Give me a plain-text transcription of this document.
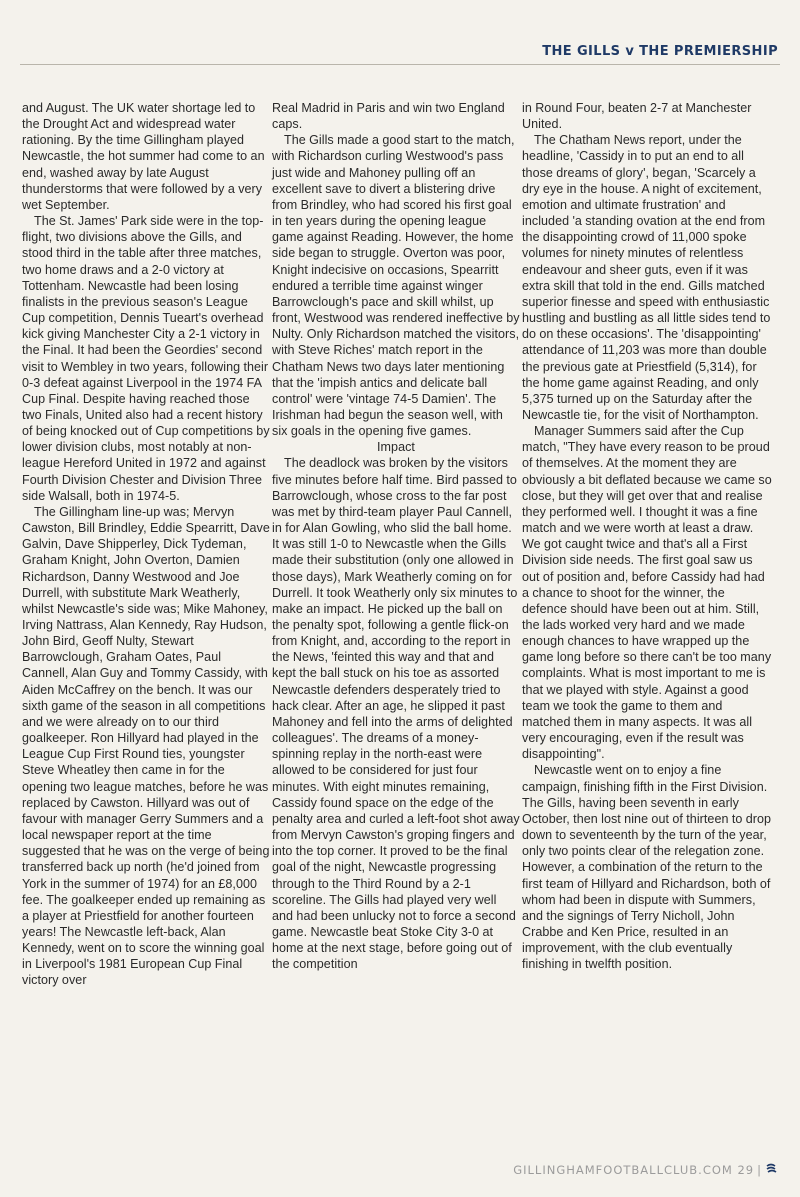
THE GILLS v THE PREMIERSHIP

and August. The UK water shortage led to the Drought Act and widespread water rationing. By the time Gillingham played Newcastle, the hot summer had come to an end, washed away by late August thunderstorms that were followed by a very wet September.

The St. James' Park side were in the top-flight, two divisions above the Gills, and stood third in the table after three matches, two home draws and a 2-0 victory at Tottenham. Newcastle had been losing finalists in the previous season's League Cup competition, Dennis Tueart's overhead kick giving Manchester City a 2-1 victory in the Final. It had been the Geordies' second visit to Wembley in two years, following their 0-3 defeat against Liverpool in the 1974 FA Cup Final. Despite having reached those two Finals, United also had a recent history of being knocked out of Cup competitions by lower division clubs, most notably at non-league Hereford United in 1972 and against Fourth Division Chester and Division Three side Walsall, both in 1974-5.

The Gillingham line-up was; Mervyn Cawston, Bill Brindley, Eddie Spearritt, Dave Galvin, Dave Shipperley, Dick Tydeman, Graham Knight, John Overton, Damien Richardson, Danny Westwood and Joe Durrell, with substitute Mark Weatherly, whilst Newcastle's side was; Mike Mahoney, Irving Nattrass, Alan Kennedy, Ray Hudson, John Bird, Geoff Nulty, Stewart Barrowclough, Graham Oates, Paul Cannell, Alan Guy and Tommy Cassidy, with Aiden McCaffrey on the bench. It was our sixth game of the season in all competitions and we were already on to our third goalkeeper. Ron Hillyard had played in the League Cup First Round ties, youngster Steve Wheatley then came in for the opening two league matches, before he was replaced by Cawston. Hillyard was out of favour with manager Gerry Summers and a local newspaper report at the time suggested that he was on the verge of being transferred back up north (he'd joined from York in the summer of 1974) for an £8,000 fee. The goalkeeper ended up remaining as a player at Priestfield for another fourteen years! The Newcastle left-back, Alan Kennedy, went on to score the winning goal in Liverpool's 1981 European Cup Final victory over

Real Madrid in Paris and win two England caps.

The Gills made a good start to the match, with Richardson curling Westwood's pass just wide and Mahoney pulling off an excellent save to divert a blistering drive from Brindley, who had scored his first goal in ten years during the opening league game against Reading. However, the home side began to struggle. Overton was poor, Knight indecisive on occasions, Spearritt endured a terrible time against winger Barrowclough's pace and skill whilst, up front, Westwood was rendered ineffective by Nulty. Only Richardson matched the visitors, with Steve Riches' match report in the Chatham News two days later mentioning that the 'impish antics and delicate ball control' were 'vintage 74-5 Damien'. The Irishman had begun the season well, with six goals in the opening five games.

Impact

The deadlock was broken by the visitors five minutes before half time. Bird passed to Barrowclough, whose cross to the far post was met by third-team player Paul Cannell, in for Alan Gowling, who slid the ball home. It was still 1-0 to Newcastle when the Gills made their substitution (only one allowed in those days), Mark Weatherly coming on for Durrell. It took Weatherly only six minutes to make an impact. He picked up the ball on the penalty spot, following a gentle flick-on from Knight, and, according to the report in the News, 'feinted this way and that and kept the ball stuck on his toe as assorted Newcastle defenders desperately tried to hack clear. After an age, he slipped it past Mahoney and fell into the arms of delighted colleagues'. The dreams of a money-spinning replay in the north-east were allowed to be considered for just four minutes. With eight minutes remaining, Cassidy found space on the edge of the penalty area and curled a left-foot shot away from Mervyn Cawston's groping fingers and into the top corner. It proved to be the final goal of the night, Newcastle progressing through to the Third Round by a 2-1 scoreline. The Gills had played very well and had been unlucky not to force a second game. Newcastle beat Stoke City 3-0 at home at the next stage, before going out of the competition

in Round Four, beaten 2-7 at Manchester United.

The Chatham News report, under the headline, 'Cassidy in to put an end to all those dreams of glory', began, 'Scarcely a dry eye in the house. A night of excitement, emotion and ultimate frustration' and included 'a standing ovation at the end from the disappointing crowd of 11,000 spoke volumes for ninety minutes of relentless endeavour and sheer guts, even if it was extra skill that told in the end. Gills matched superior finesse and speed with enthusiastic hustling and bustling as all little sides tend to do on these occasions'. The 'disappointing' attendance of 11,203 was more than double the previous gate at Priestfield (5,314), for the home game against Reading, and only 5,375 turned up on the Saturday after the Newcastle tie, for the visit of Northampton.

Manager Summers said after the Cup match, "They have every reason to be proud of themselves. At the moment they are obviously a bit deflated because we came so close, but they will get over that and realise they performed well. I thought it was a fine match and we were worth at least a draw. We got caught twice and that's all a First Division side needs. The first goal saw us out of position and, before Cassidy had had a chance to shoot for the winner, the defence should have been out at him. Still, the lads worked very hard and we made enough chances to have wrapped up the game long before so there can't be too many complaints. What is most important to me is that we played with style. Against a good team we took the game to them and matched them in many aspects. It was all very encouraging, even if the result was disappointing".

Newcastle went on to enjoy a fine campaign, finishing fifth in the First Division. The Gills, having been seventh in early October, then lost nine out of thirteen to drop down to seventeenth by the turn of the year, only two points clear of the relegation zone. However, a combination of the return to the first team of Hillyard and Richardson, both of whom had been in dispute with Summers, and the signings of Terry Nicholl, John Crabbe and Ken Price, resulted in an improvement, with the club eventually finishing in twelfth position.

GILLINGHAMFOOTBALLCLUB.COM 29 |
